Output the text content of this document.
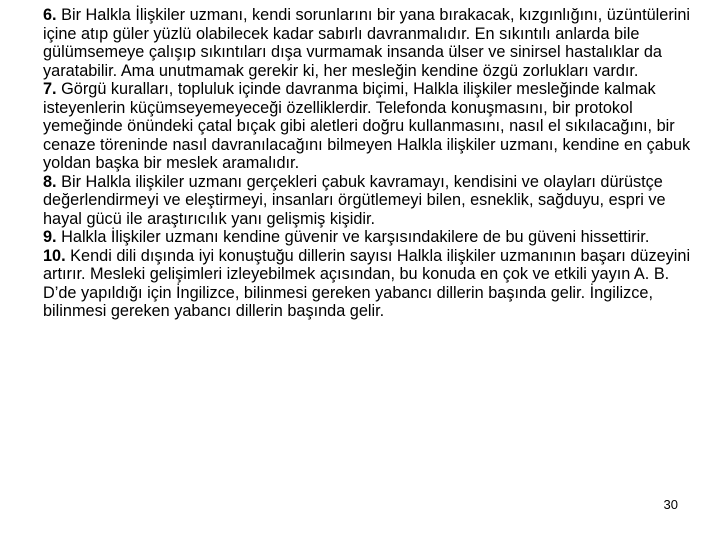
6. Bir Halkla İlişkiler uzmanı, kendi sorunlarını bir yana bırakacak, kızgınlığını, üzüntülerini içine atıp güler yüzlü olabilecek kadar sabırlı davranmalıdır. En sıkıntılı anlarda bile gülümsemeye çalışıp sıkıntıları dışa vurmamak insanda ülser ve sinirsel hastalıklar da yaratabilir. Ama unutmamak gerekir ki, her mesleğin kendine özgü zorlukları vardır.

7. Görgü kuralları, topluluk içinde davranma biçimi, Halkla ilişkiler mesleğinde kalmak isteyenlerin küçümseyemeyeceği özelliklerdir. Telefonda konuşmasını, bir protokol yemeğinde önündeki çatal bıçak gibi aletleri doğru kullanmasını, nasıl el sıkılacağını, bir cenaze töreninde nasıl davranılacağını bilmeyen Halkla ilişkiler uzmanı, kendine en çabuk yoldan başka bir meslek aramalıdır.

8. Bir Halkla ilişkiler uzmanı gerçekleri çabuk kavramayı, kendisini ve olayları dürüstçe değerlendirmeyi ve eleştirmeyi, insanları örgütlemeyi bilen, esneklik, sağduyu, espri ve hayal gücü ile araştırıcılık yanı gelişmiş kişidir.

9. Halkla İlişkiler uzmanı kendine güvenir ve karşısındakilere de bu güveni hissettirir.

10. Kendi dili dışında iyi konuştuğu dillerin sayısı Halkla ilişkiler uzmanının başarı düzeyini artırır. Mesleki gelişimleri izleyebilmek açısından, bu konuda en çok ve etkili yayın A. B. D’de yapıldığı için İngilizce, bilinmesi gereken yabancı dillerin başında gelir. İngilizce, bilinmesi gereken yabancı dillerin başında gelir.

30
